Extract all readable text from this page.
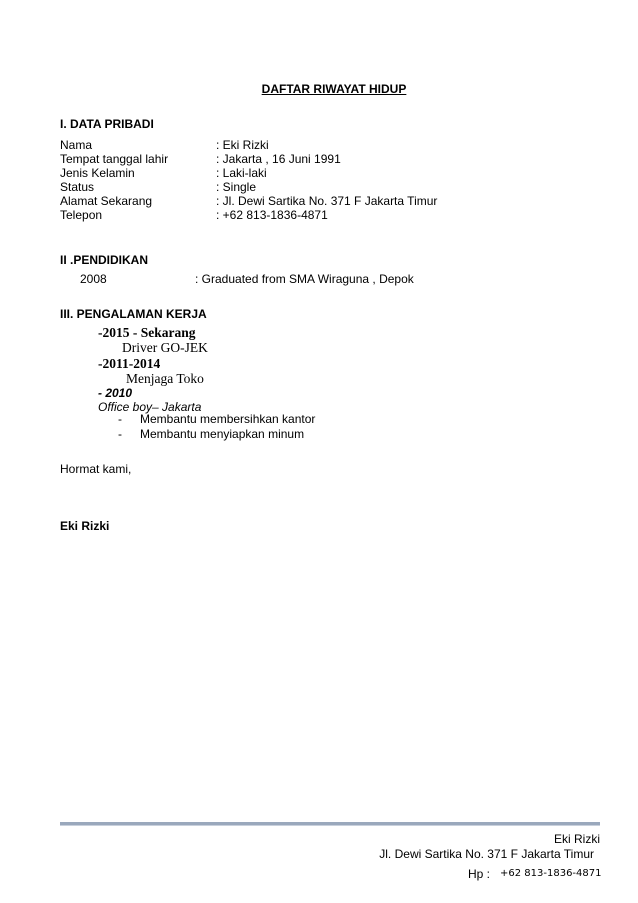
DAFTAR RIWAYAT HIDUP
I. DATA PRIBADI
Nama	: Eki Rizki
Tempat tanggal lahir	: Jakarta , 16 Juni 1991
Jenis Kelamin	: Laki-laki
Status	: Single
Alamat Sekarang	: Jl. Dewi Sartika No. 371 F Jakarta Timur
Telepon	: +62 813-1836-4871
II .PENDIDIKAN
2008	: Graduated from SMA Wiraguna , Depok
III. PENGALAMAN KERJA
-2015 - Sekarang
Driver GO-JEK
-2011-2014
Menjaga Toko
- 2010
Office boy– Jakarta
- Membantu membersihkan kantor
- Membantu menyiapkan minum
Hormat kami,
Eki Rizki
Eki Rizki
Jl. Dewi Sartika No. 371 F Jakarta Timur
Hp : +62 813-1836-4871
